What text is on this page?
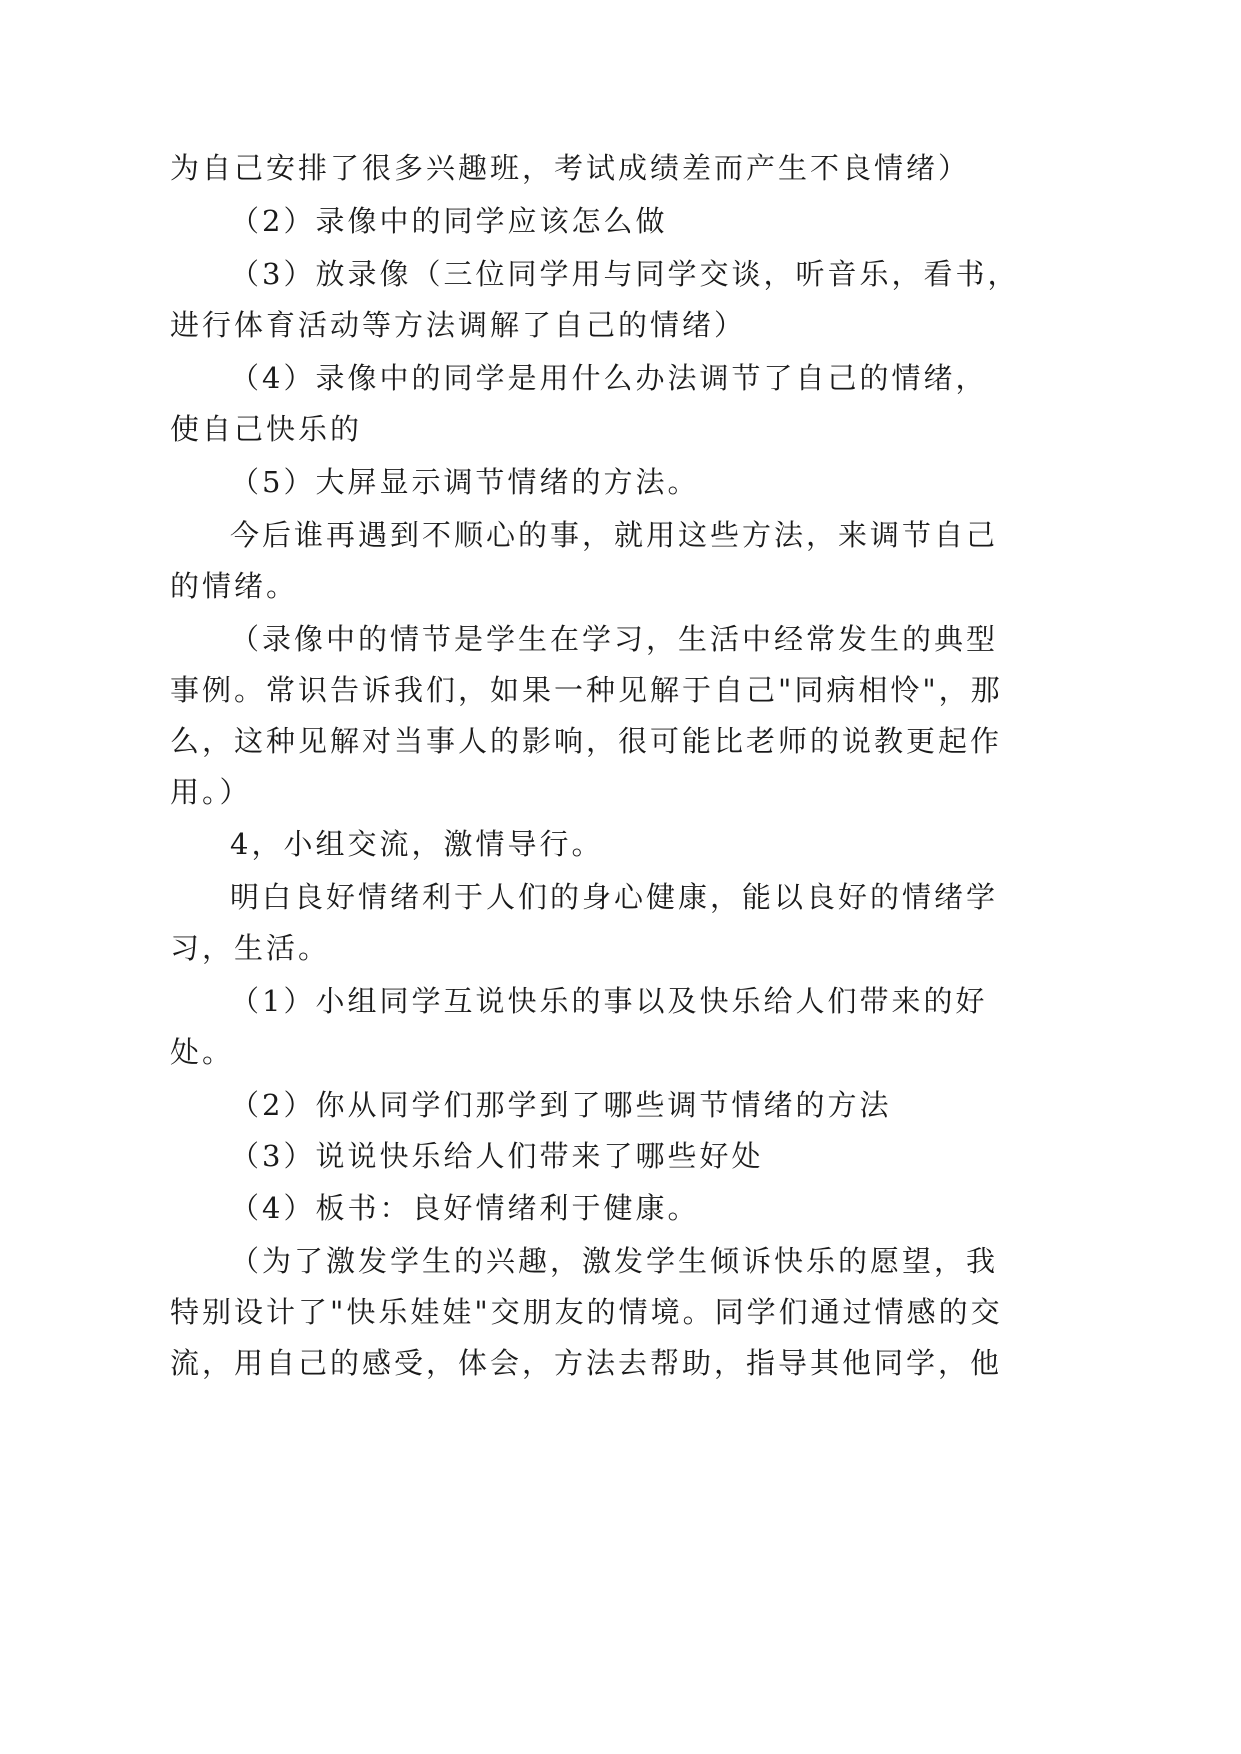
为自己安排了很多兴趣班，考试成绩差而产生不良情绪）

（2）录像中的同学应该怎么做

（3）放录像（三位同学用与同学交谈，听音乐，看书，

进行体育活动等方法调解了自己的情绪）

（4）录像中的同学是用什么办法调节了自己的情绪，

使自己快乐的

（5）大屏显示调节情绪的方法。

今后谁再遇到不顺心的事，就用这些方法，来调节自己

的情绪。

（录像中的情节是学生在学习，生活中经常发生的典型

事例。常识告诉我们，如果一种见解于自己"同病相怜"，那

么，这种见解对当事人的影响，很可能比老师的说教更起作

用。）

4，小组交流，激情导行。

明白良好情绪利于人们的身心健康，能以良好的情绪学

习，生活。

（1）小组同学互说快乐的事以及快乐给人们带来的好

处。

（2）你从同学们那学到了哪些调节情绪的方法

（3）说说快乐给人们带来了哪些好处

（4）板书：良好情绪利于健康。

（为了激发学生的兴趣，激发学生倾诉快乐的愿望，我

特别设计了"快乐娃娃"交朋友的情境。同学们通过情感的交

流，用自己的感受，体会，方法去帮助，指导其他同学，他
